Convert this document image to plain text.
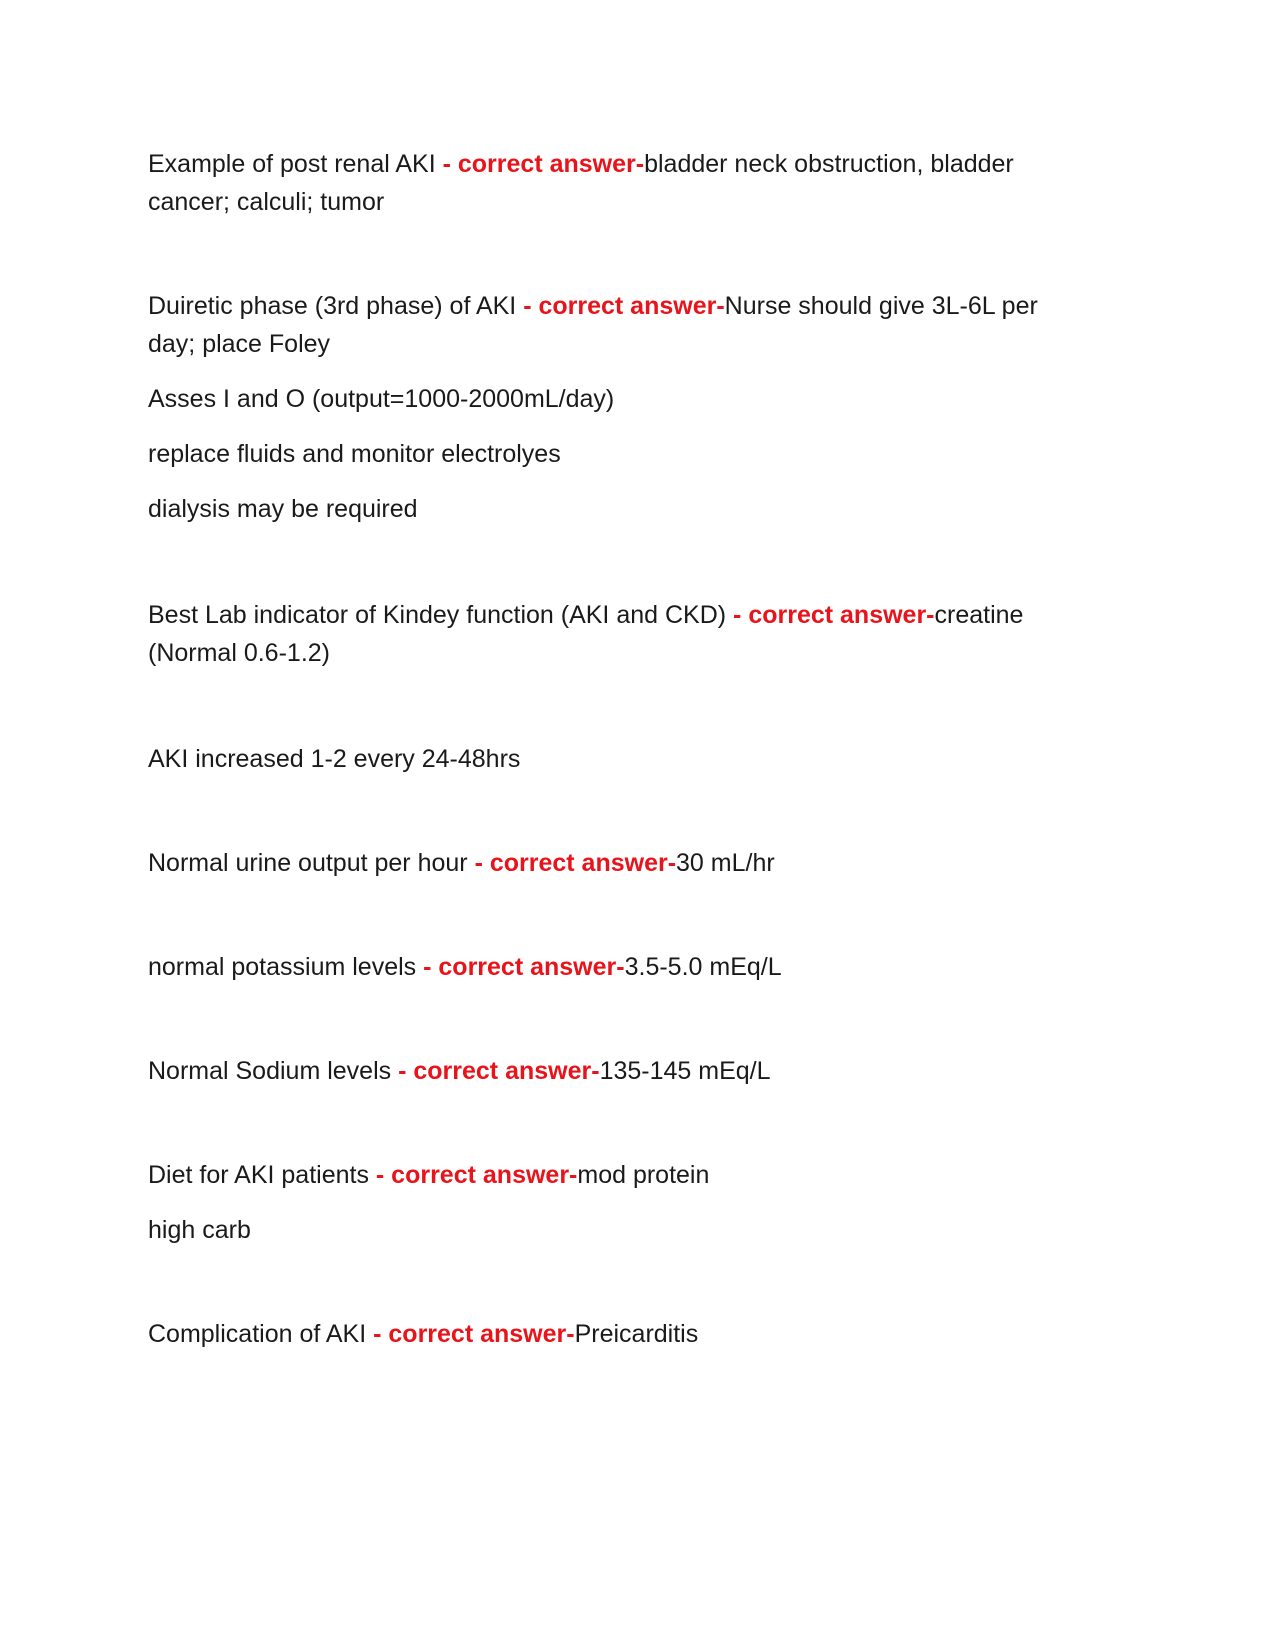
Example of post renal AKI - correct answer-bladder neck obstruction, bladder cancer; calculi; tumor

Duiretic phase (3rd phase) of AKI - correct answer-Nurse should give 3L-6L per day; place Foley

Asses I and O (output=1000-2000mL/day)

replace fluids and monitor electrolyes

dialysis may be required

Best Lab indicator of Kindey function (AKI and CKD) - correct answer-creatine (Normal 0.6-1.2)

AKI increased 1-2 every 24-48hrs

Normal urine output per hour - correct answer-30 mL/hr

normal potassium levels - correct answer-3.5-5.0 mEq/L

Normal Sodium levels - correct answer-135-145 mEq/L

Diet for AKI patients - correct answer-mod protein

high carb

Complication of AKI - correct answer-Preicarditis
